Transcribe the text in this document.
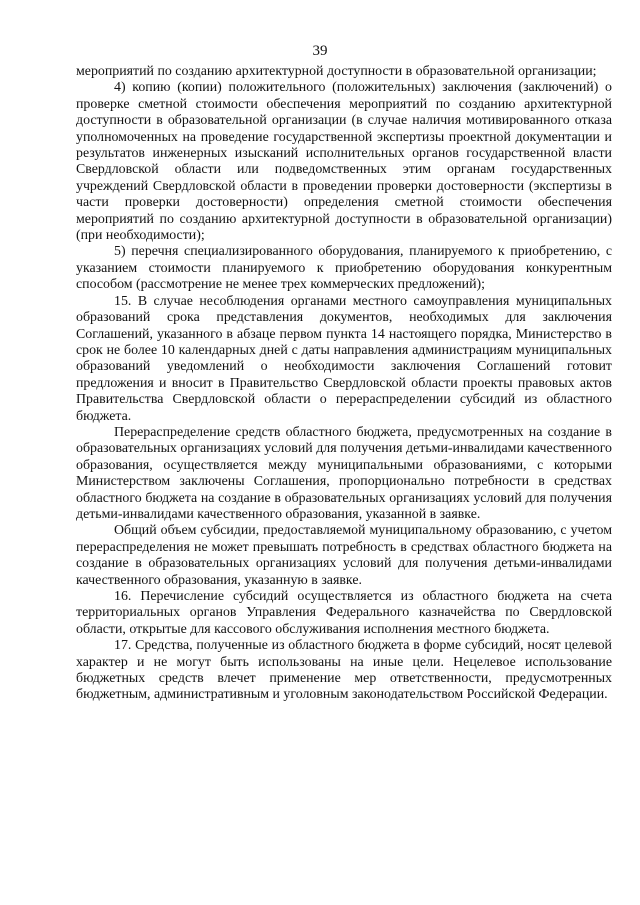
39

мероприятий по созданию архитектурной доступности в образовательной организации;

4) копию (копии) положительного (положительных) заключения (заключений) о проверке сметной стоимости обеспечения мероприятий по созданию архитектурной доступности в образовательной организации (в случае наличия мотивированного отказа уполномоченных на проведение государственной экспертизы проектной документации и результатов инженерных изысканий исполнительных органов государственной власти Свердловской области или подведомственных этим органам государственных учреждений Свердловской области в проведении проверки достоверности (экспертизы в части проверки достоверности) определения сметной стоимости обеспечения мероприятий по созданию архитектурной доступности в образовательной организации) (при необходимости);

5) перечня специализированного оборудования, планируемого к приобретению, с указанием стоимости планируемого к приобретению оборудования конкурентным способом (рассмотрение не менее трех коммерческих предложений);

15. В случае несоблюдения органами местного самоуправления муниципальных образований срока представления документов, необходимых для заключения Соглашений, указанного в абзаце первом пункта 14 настоящего порядка, Министерство в срок не более 10 календарных дней с даты направления администрациям муниципальных образований уведомлений о необходимости заключения Соглашений готовит предложения и вносит в Правительство Свердловской области проекты правовых актов Правительства Свердловской области о перераспределении субсидий из областного бюджета.

Перераспределение средств областного бюджета, предусмотренных на создание в образовательных организациях условий для получения детьми-инвалидами качественного образования, осуществляется между муниципальными образованиями, с которыми Министерством заключены Соглашения, пропорционально потребности в средствах областного бюджета на создание в образовательных организациях условий для получения детьми-инвалидами качественного образования, указанной в заявке.

Общий объем субсидии, предоставляемой муниципальному образованию, с учетом перераспределения не может превышать потребность в средствах областного бюджета на создание в образовательных организациях условий для получения детьми-инвалидами качественного образования, указанную в заявке.

16. Перечисление субсидий осуществляется из областного бюджета на счета территориальных органов Управления Федерального казначейства по Свердловской области, открытые для кассового обслуживания исполнения местного бюджета.

17. Средства, полученные из областного бюджета в форме субсидий, носят целевой характер и не могут быть использованы на иные цели. Нецелевое использование бюджетных средств влечет применение мер ответственности, предусмотренных бюджетным, административным и уголовным законодательством Российской Федерации.
